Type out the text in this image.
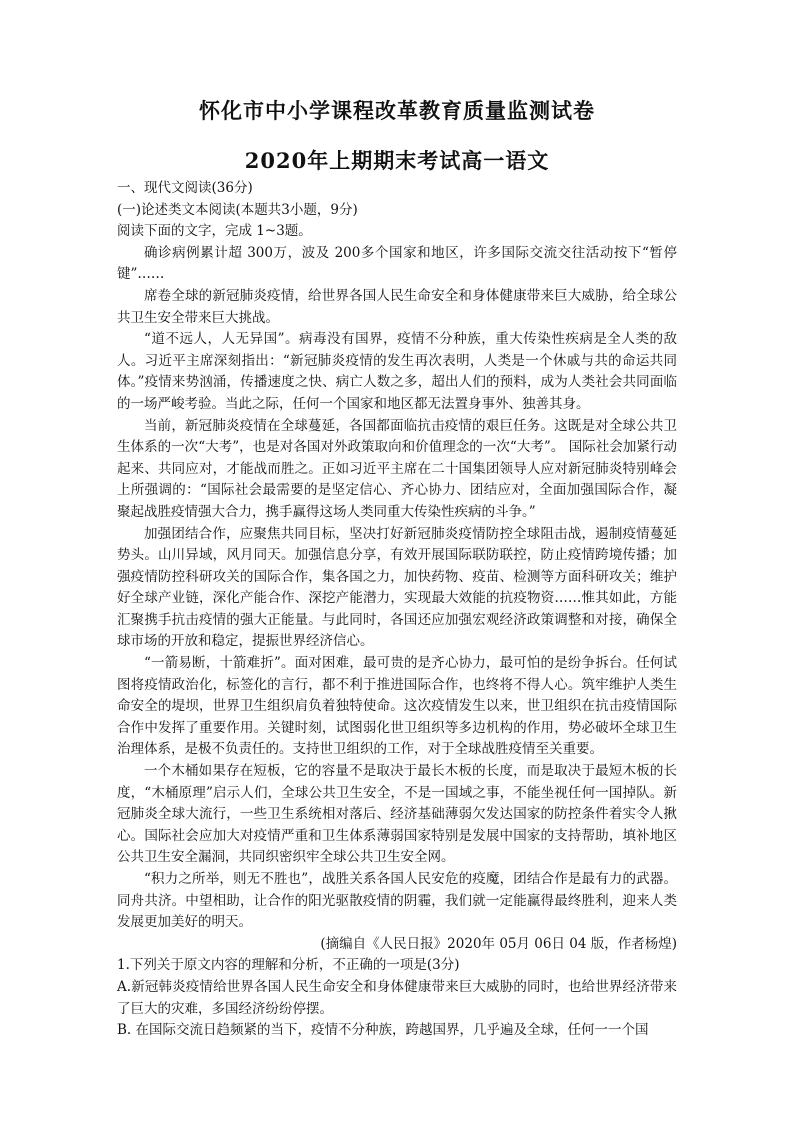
怀化市中小学课程改革教育质量监测试卷
2020年上期期末考试高一语文

一、现代文阅读(36分)

(一)论述类文本阅读(本题共3小题，9分)

阅读下面的文字，完成 1~3题。

确诊病例累计超 300万，波及 200多个国家和地区，许多国际交流交往活动按下“暂停键”……

席卷全球的新冠肺炎疫情，给世界各国人民生命安全和身体健康带来巨大威胁，给全球公共卫生安全带来巨大挑战。

“道不远人，人无异国”。病毒没有国界，疫情不分种族，重大传染性疾病是全人类的敌人。习近平主席深刻指出：“新冠肺炎疫情的发生再次表明，人类是一个休戚与共的命运共同体。”疫情来势汹涌，传播速度之快、病亡人数之多，超出人们的预料，成为人类社会共同面临的一场严峻考验。当此之际，任何一个国家和地区都无法置身事外、独善其身。

当前，新冠肺炎疫情在全球蔓延，各国都面临抗击疫情的艰巨任务。这既是对全球公共卫生体系的一次“大考”，也是对各国对外政策取向和价值理念的一次“大考”。 国际社会加紧行动起来、共同应对，才能战而胜之。正如习近平主席在二十国集团领导人应对新冠肺炎特别峰会上所强调的：“国际社会最需要的是坚定信心、齐心协力、团结应对，全面加强国际合作，凝聚起战胜疫情强大合力，携手赢得这场人类同重大传染性疾病的斗争。”

加强团结合作，应聚焦共同目标，坚决打好新冠肺炎疫情防控全球阻击战，遏制疫情蔓延势头。山川异域，风月同天。加强信息分享，有效开展国际联防联控，防止疫情跨境传播；加强疫情防控科研攻关的国际合作，集各国之力，加快药物、疫苗、检测等方面科研攻关；维护好全球产业链，深化产能合作、深挖产能潜力，实现最大效能的抗疫物资……惟其如此，方能汇聚携手抗击疫情的强大正能量。与此同时，各国还应加强宏观经济政策调整和对接，确保全球市场的开放和稳定，提振世界经济信心。

“一箭易断，十箭难折”。面对困难，最可贵的是齐心协力，最可怕的是纷争拆台。任何试图将疫情政治化，标签化的言行，都不利于推进国际合作，也终将不得人心。筑牢维护人类生命安全的堤坝，世界卫生组织肩负着独特使命。这次疫情发生以来，世卫组织在抗击疫情国际合作中发挥了重要作用。关键时刻，试图弱化世卫组织等多边机构的作用，势必破坏全球卫生治理体系，是极不负责任的。支持世卫组织的工作，对于全球战胜疫情至关重要。

一个木桶如果存在短板，它的容量不是取决于最长木板的长度，而是取决于最短木板的长度，“木桶原理”启示人们，全球公共卫生安全，不是一国域之事，不能坐视任何一国掉队。新冠肺炎全球大流行，一些卫生系统相对落后、经济基础薄弱欠发达国家的防控条件着实令人揪心。国际社会应加大对疫情严重和卫生体系薄弱国家特别是发展中国家的支持帮助，填补地区公共卫生安全漏洞，共同织密织牢全球公共卫生安全网。

“积力之所举，则无不胜也”，战胜关系各国人民安危的疫魔，团结合作是最有力的武器。同舟共济。中望相助，让合作的阳光驱散疫情的阴霾，我们就一定能赢得最终胜利，迎来人类发展更加美好的明天。

(摘编自《人民日报》2020年 05月 06日 04 版，作者杨煌)

1.下列关于原文内容的理解和分析，不正确的一项是(3分)

A.新冠韩炎疫情给世界各国人民生命安全和身体健康带来巨大威胁的同时，也给世界经济带来了巨大的灾难，多国经济纷纷停摆。

B. 在国际交流日趋频紧的当下，疫情不分种族，跨越国界，几乎遍及全球，任何一一个国
